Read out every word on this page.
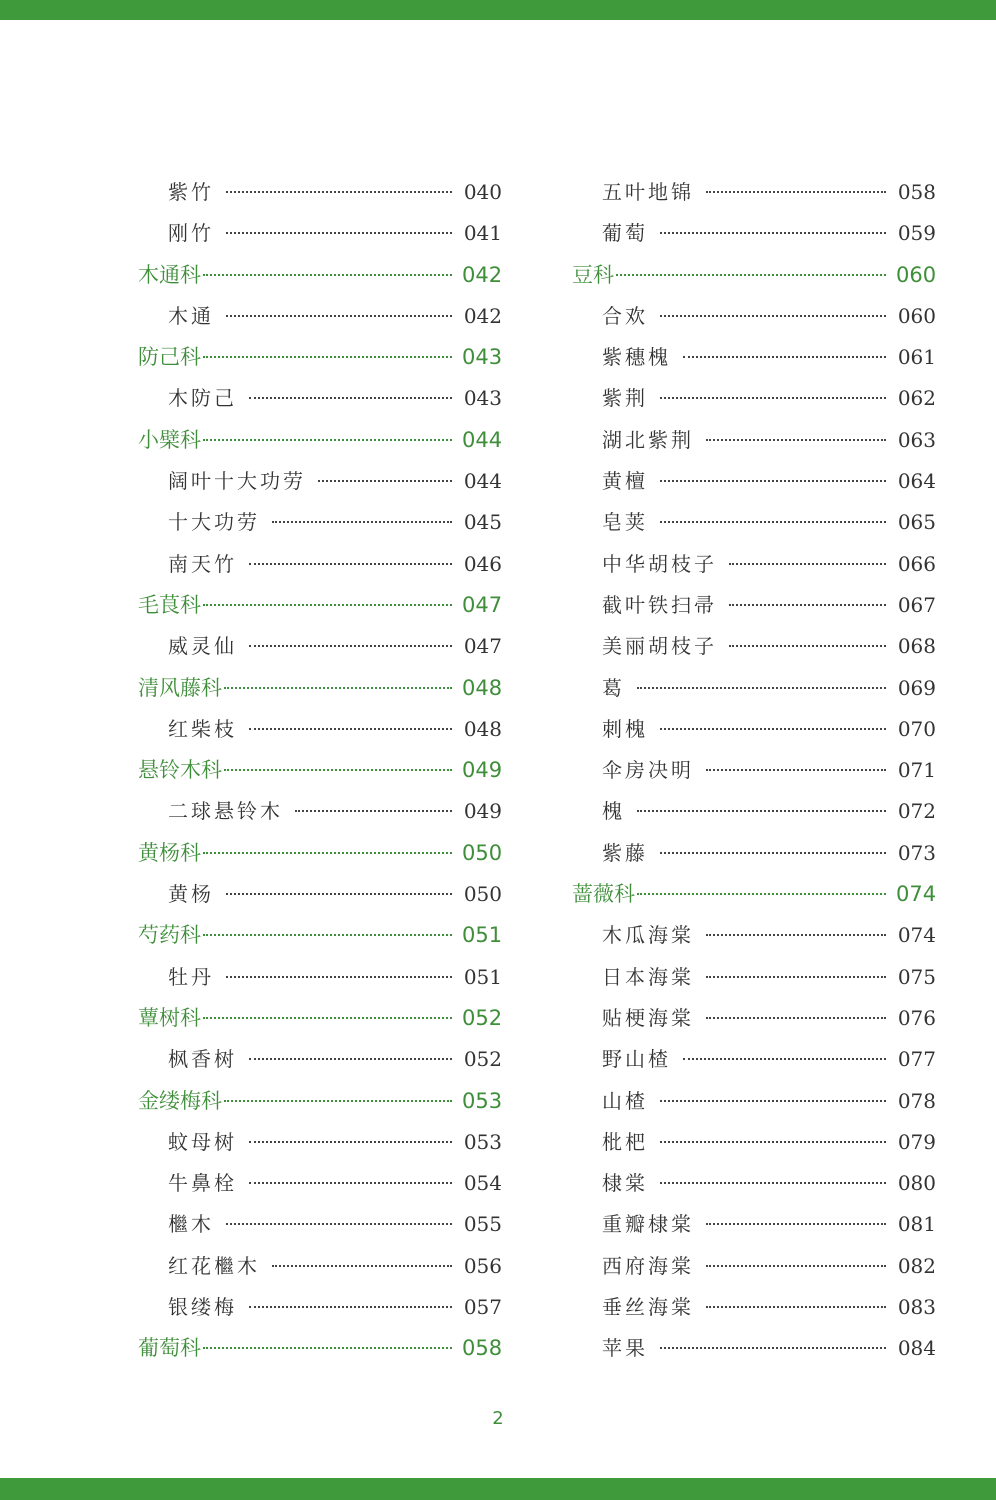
紫竹	040
刚竹	041
木通科	042
木通	042
防己科	043
木防己	043
小檗科	044
阔叶十大功劳	044
十大功劳	045
南天竹	046
毛茛科	047
威灵仙	047
清风藤科	048
红柴枝	048
悬铃木科	049
二球悬铃木	049
黄杨科	050
黄杨	050
芍药科	051
牡丹	051
蕈树科	052
枫香树	052
金缕梅科	053
蚊母树	053
牛鼻栓	054
檵木	055
红花檵木	056
银缕梅	057
葡萄科	058
五叶地锦	058
葡萄	059
豆科	060
合欢	060
紫穗槐	061
紫荆	062
湖北紫荆	063
黄檀	064
皂荚	065
中华胡枝子	066
截叶铁扫帚	067
美丽胡枝子	068
葛	069
刺槐	070
伞房决明	071
槐	072
紫藤	073
蔷薇科	074
木瓜海棠	074
日本海棠	075
贴梗海棠	076
野山楂	077
山楂	078
枇杷	079
棣棠	080
重瓣棣棠	081
西府海棠	082
垂丝海棠	083
苹果	084
2
